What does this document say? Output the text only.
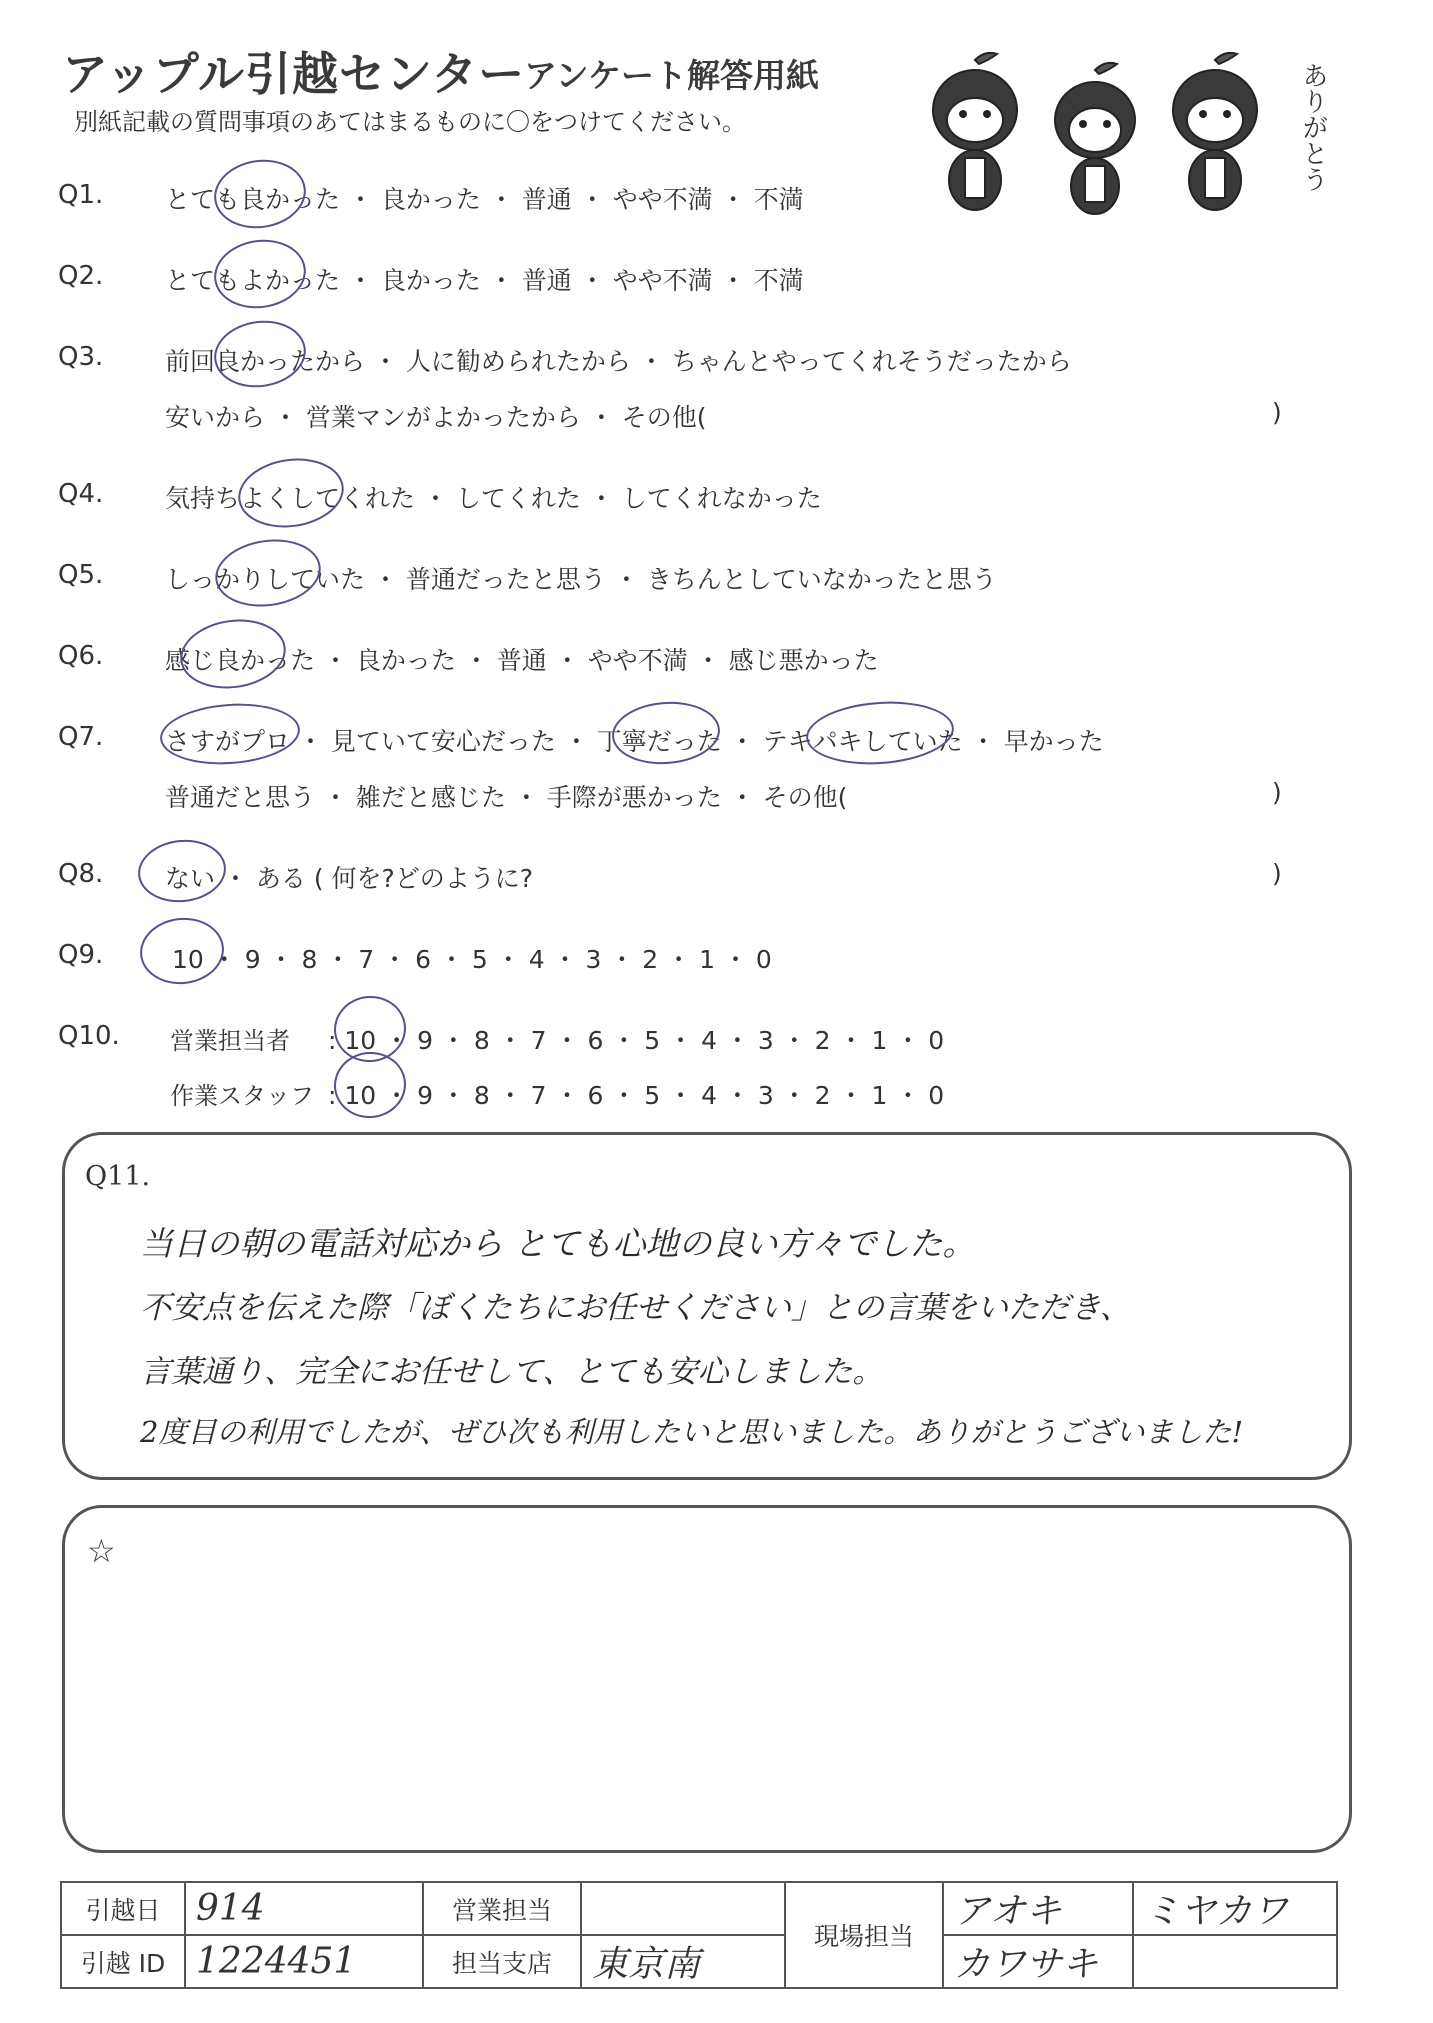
アップル引越センター
アンケート解答用紙
別紙記載の質問事項のあてはまるものに〇をつけてください。	ありがとう
Q1. とても良かった ・ 良かった ・ 普通 ・ やや不満 ・ 不満
Q2. とてもよかった ・ 良かった ・ 普通 ・ やや不満 ・ 不満
Q3. 前回良かったから ・ 人に勧められたから ・ ちゃんとやってくれそうだったから
安いから ・ 営業マンがよかったから ・ その他(	)
Q4. 気持ちよくしてくれた ・ してくれた ・ してくれなかった
Q5. しっかりしていた ・ 普通だったと思う ・ きちんとしていなかったと思う
Q6. 感じ良かった ・ 良かった ・ 普通 ・ やや不満 ・ 感じ悪かった
Q7. さすがプロ ・ 見ていて安心だった ・ 丁寧だった ・ テキパキしていた ・ 早かった
普通だと思う ・ 雑だと感じた ・ 手際が悪かった ・ その他(	)
Q8. ない ・ ある ( 何を?どのように?	)
Q9.	10 ・ 9 ・ 8 ・ 7 ・ 6 ・ 5 ・ 4 ・ 3 ・ 2 ・ 1 ・ 0
Q10. 営業担当者 : 10 ・ 9 ・ 8 ・ 7 ・ 6 ・ 5 ・ 4 ・ 3 ・ 2 ・ 1 ・ 0
作業スタッフ : 10 ・ 9 ・ 8 ・ 7 ・ 6 ・ 5 ・ 4 ・ 3 ・ 2 ・ 1 ・ 0
Q11.
当日の朝の電話対応から とても心地の良い方々でした。
不安点を伝えた際「ぼくたちにお任せください」との言葉をいただき、
言葉通り、完全にお任せして、とても安心しました。
2度目の利用でしたが、ぜひ次も利用したいと思いました。ありがとうございました!
☆
引越日	914	営業担当		現場担当	アオキ	ミヤカワ
引越 ID	1224451	担当支店	東京南		カワサキ	
